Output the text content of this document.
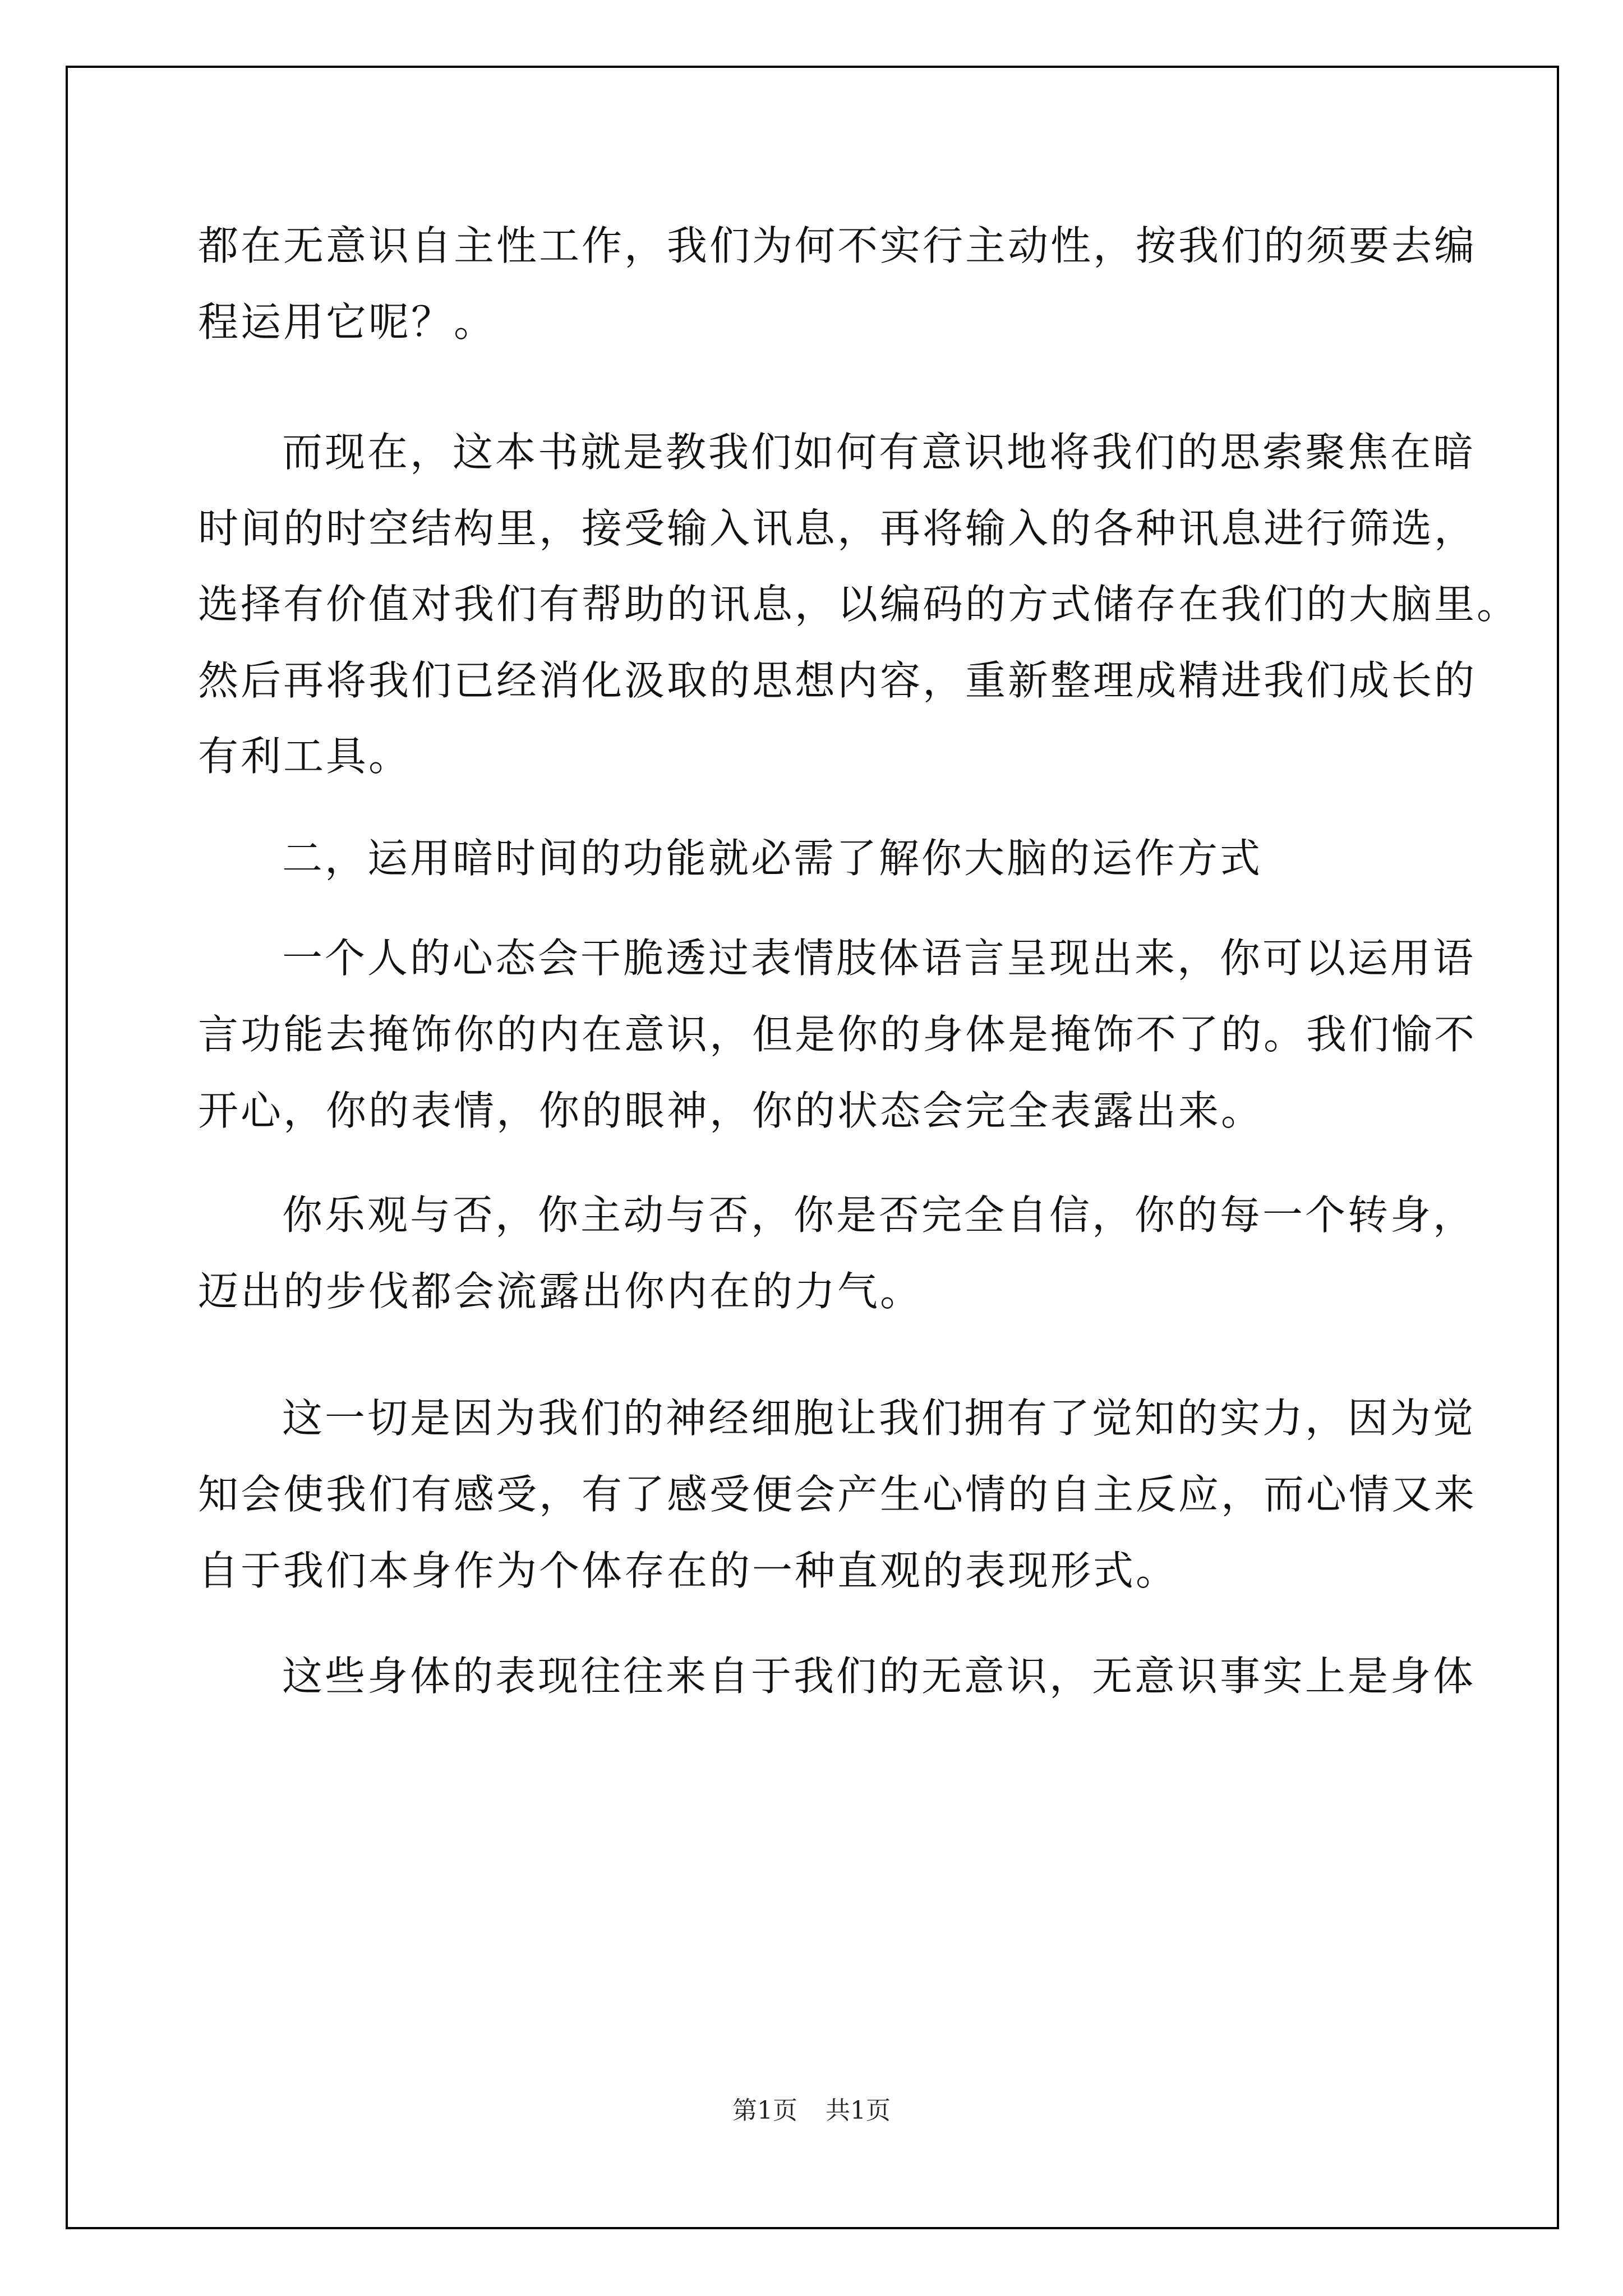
都在无意识自主性工作，我们为何不实行主动性，按我们的须要去编
程运用它呢？。
而现在，这本书就是教我们如何有意识地将我们的思索聚焦在暗
时间的时空结构里，接受输入讯息，再将输入的各种讯息进行筛选，
选择有价值对我们有帮助的讯息，以编码的方式储存在我们的大脑里。
然后再将我们已经消化汲取的思想内容，重新整理成精进我们成长的
有利工具。
二，运用暗时间的功能就必需了解你大脑的运作方式
一个人的心态会干脆透过表情肢体语言呈现出来，你可以运用语
言功能去掩饰你的内在意识，但是你的身体是掩饰不了的。我们愉不
开心，你的表情，你的眼神，你的状态会完全表露出来。
你乐观与否，你主动与否，你是否完全自信，你的每一个转身，
迈出的步伐都会流露出你内在的力气。
这一切是因为我们的神经细胞让我们拥有了觉知的实力，因为觉
知会使我们有感受，有了感受便会产生心情的自主反应，而心情又来
自于我们本身作为个体存在的一种直观的表现形式。
这些身体的表现往往来自于我们的无意识，无意识事实上是身体
第1页 共1页
